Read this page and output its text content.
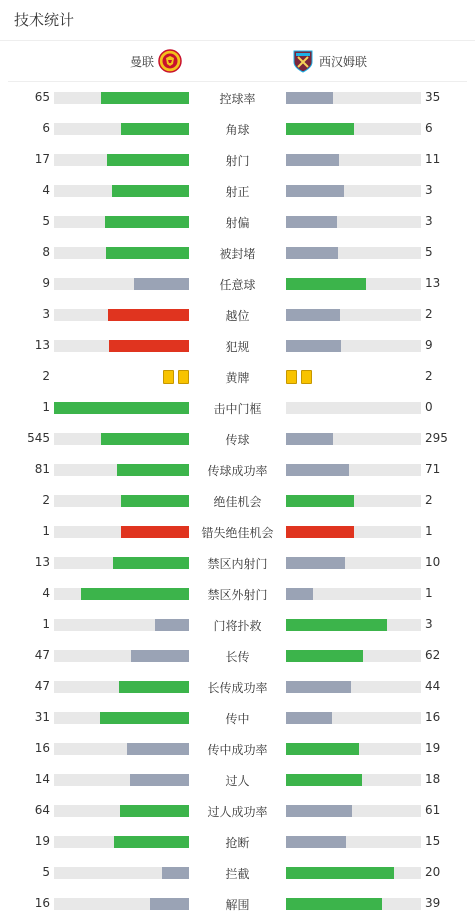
技术统计
曼联	西汉姆联
65	控球率	35
6	角球	6
17	射门	11
4	射正	3
5	射偏	3
8	被封堵	5
9	任意球	13
3	越位	2
13	犯规	9
2	黄牌	2
1	击中门框	0
545	传球	295
81	传球成功率	71
2	绝佳机会	2
1	错失绝佳机会	1
13	禁区内射门	10
4	禁区外射门	1
1	门将扑救	3
47	长传	62
47	长传成功率	44
31	传中	16
16	传中成功率	19
14	过人	18
64	过人成功率	61
19	抢断	15
5	拦截	20
16	解围	39
